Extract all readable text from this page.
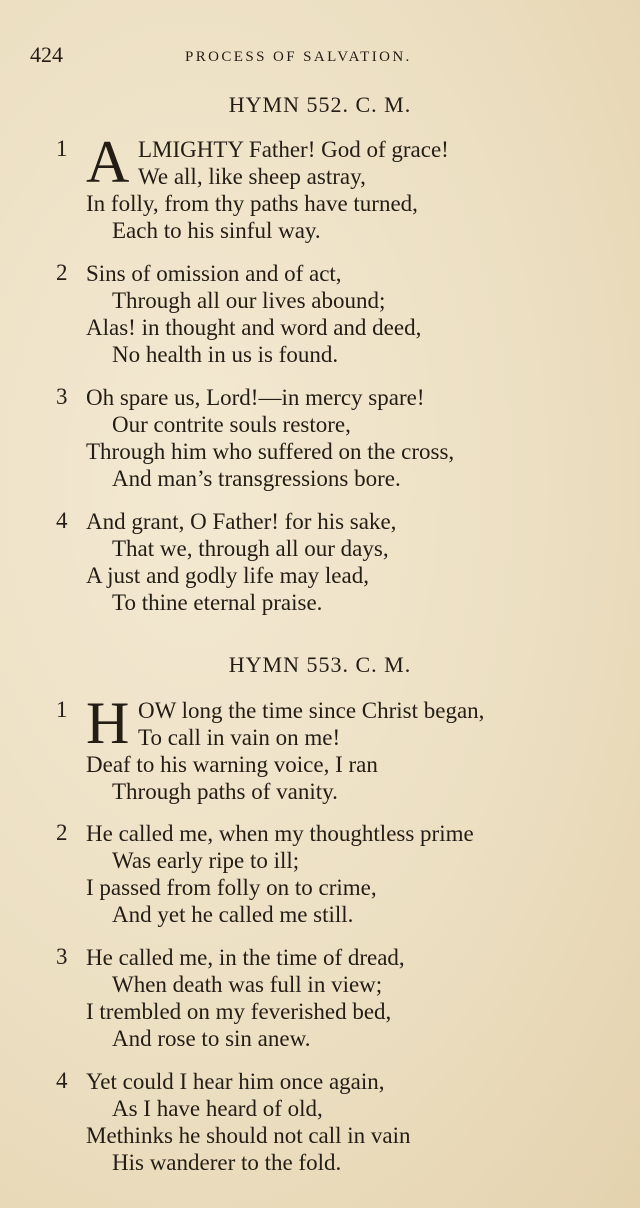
424	PROCESS OF SALVATION.
HYMN 552. C. M.
1 A LMIGHTY Father! God of grace!
We all, like sheep astray,
In folly, from thy paths have turned,
Each to his sinful way.
2 Sins of omission and of act,
Through all our lives abound;
Alas! in thought and word and deed,
No health in us is found.
3 Oh spare us, Lord!—in mercy spare!
Our contrite souls restore,
Through him who suffered on the cross,
And man’s transgressions bore.
4 And grant, O Father! for his sake,
That we, through all our days,
A just and godly life may lead,
To thine eternal praise.
HYMN 553. C. M.
1 H OW long the time since Christ began,
To call in vain on me!
Deaf to his warning voice, I ran
Through paths of vanity.
2 He called me, when my thoughtless prime
Was early ripe to ill;
I passed from folly on to crime,
And yet he called me still.
3 He called me, in the time of dread,
When death was full in view;
I trembled on my feverished bed,
And rose to sin anew.
4 Yet could I hear him once again,
As I have heard of old,
Methinks he should not call in vain
His wanderer to the fold.
